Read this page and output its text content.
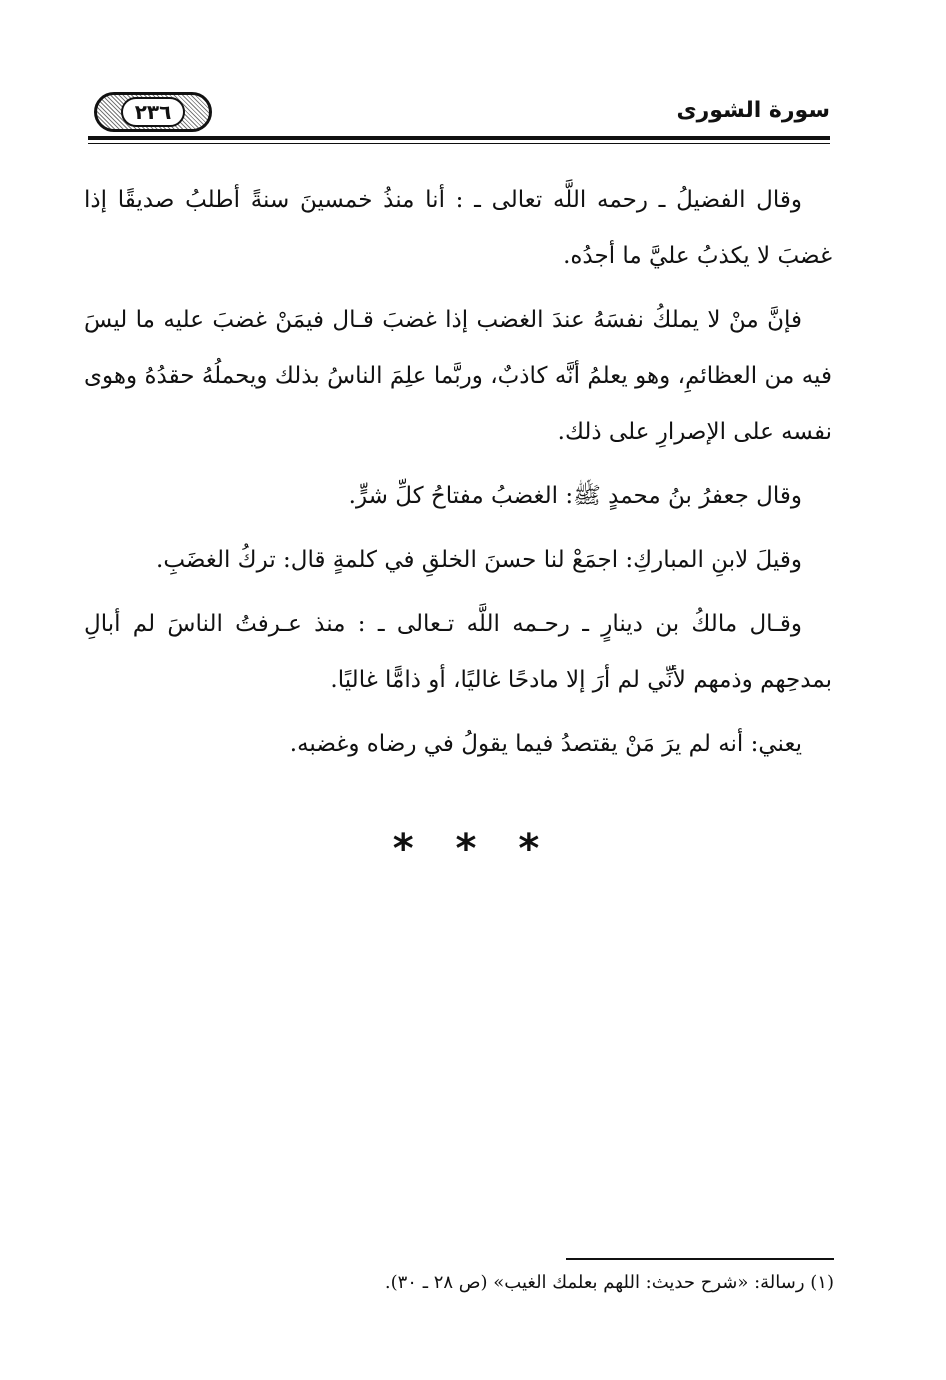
٢٣٦	سورة الشورى

وقال الفضيلُ ـ رحمه اللَّه تعالى ـ : أنا منذُ خمسينَ سنةً أطلبُ صديقًا إذا غضبَ لا يكذبُ عليَّ ما أجدُه.

فإنَّ منْ لا يملكُ نفسَهُ عندَ الغضب إذا غضبَ قـال فيمَنْ غضبَ عليه ما ليسَ فيه من العظائمِ، وهو يعلمُ أنَّه كاذبٌ، وربَّما علِمَ الناسُ بذلك ويحملُهُ حقدُهُ وهوى نفسه على الإصرارِ على ذلك.

وقال جعفرُ بنُ محمدٍ ﷺ: الغضبُ مفتاحُ كلِّ شرٍّ.

وقيلَ لابنِ المباركِ: اجمَعْ لنا حسنَ الخلقِ في كلمةٍ قال: تركُ الغضَبِ.

وقـال مالكُ بن دينارٍ ـ رحـمه اللَّه تـعالى ـ : منذ عـرفتُ الناسَ لم أبالِ بمدحِهم وذمهم لأنِّي لم أرَ إلا مادحًا غاليًا، أو ذامًّا غاليًا.

يعني: أنه لم يرَ مَنْ يقتصدُ فيما يقولُ في رضاه وغضبه.

* * *
(١) رسالة: «شرح حديث: اللهم بعلمك الغيب» (ص ٢٨ ـ ٣٠).
